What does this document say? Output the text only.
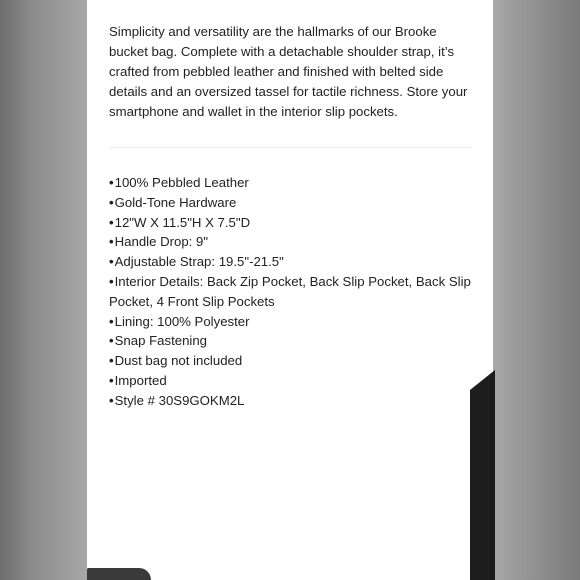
Simplicity and versatility are the hallmarks of our Brooke bucket bag. Complete with a detachable shoulder strap, it’s crafted from pebbled leather and finished with belted side details and an oversized tassel for tactile richness. Store your smartphone and wallet in the interior slip pockets.

•100% Pebbled Leather
•Gold-Tone Hardware
•12"W X 11.5"H X 7.5"D
•Handle Drop: 9"
•Adjustable Strap: 19.5"-21.5"
•Interior Details: Back Zip Pocket, Back Slip Pocket, Back Slip Pocket, 4 Front Slip Pockets
•Lining: 100% Polyester
•Snap Fastening
•Dust bag not included
•Imported
•Style # 30S9GOKM2L
